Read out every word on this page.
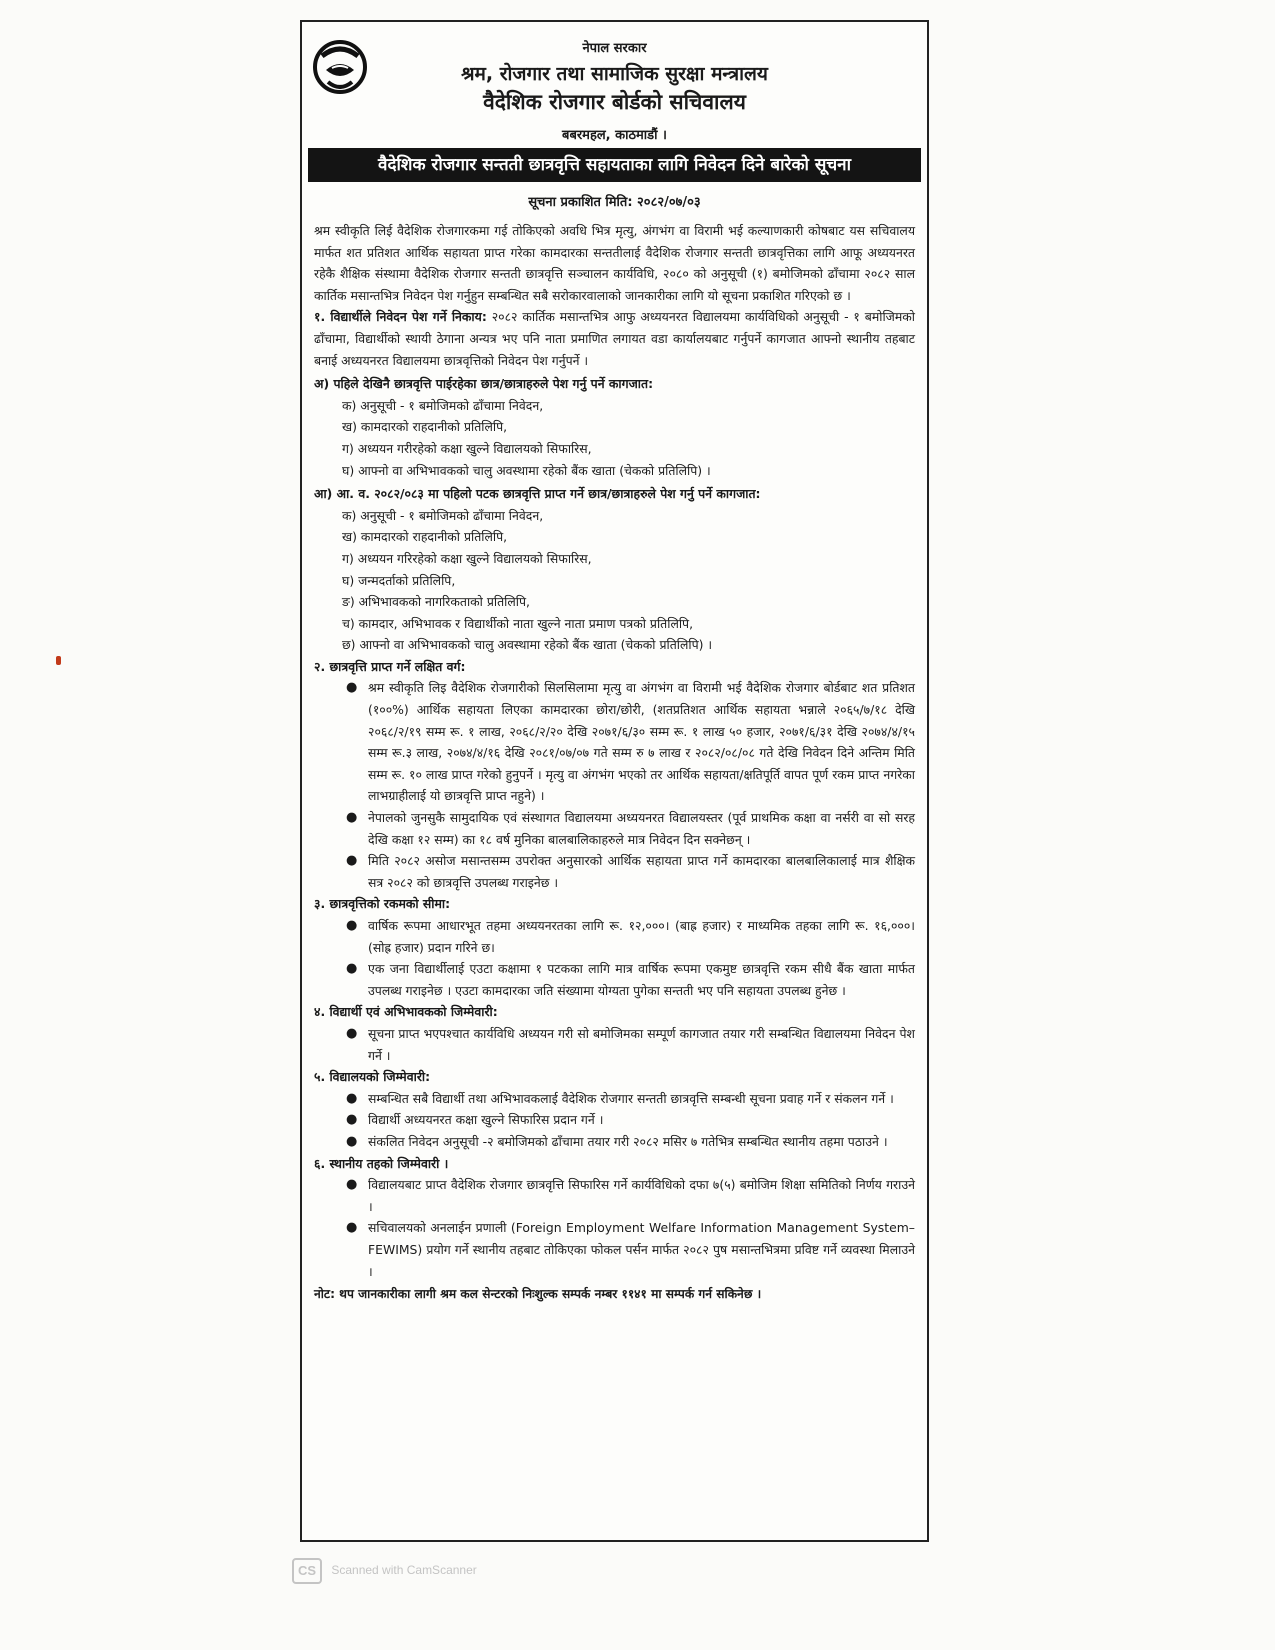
नेपाल सरकार
श्रम, रोजगार तथा सामाजिक सुरक्षा मन्त्रालय
वैदेशिक रोजगार बोर्डको सचिवालय
बबरमहल, काठमाडौं ।
वैदेशिक रोजगार सन्तती छात्रवृत्ति सहायताका लागि निवेदन दिने बारेको सूचना
सूचना प्रकाशित मिति: २०८२/०७/०३

श्रम स्वीकृति लिई वैदेशिक रोजगारकमा गई तोकिएको अवधि भित्र मृत्यु, अंगभंग वा विरामी भई कल्याणकारी कोषबाट यस सचिवालय मार्फत शत प्रतिशत आर्थिक सहायता प्राप्त गरेका कामदारका सन्ततीलाई वैदेशिक रोजगार सन्तती छात्रवृत्तिका लागि आफू अध्ययनरत रहेकै शैक्षिक संस्थामा वैदेशिक रोजगार सन्तती छात्रवृत्ति सञ्चालन कार्यविधि, २०८० को अनुसूची (१) बमोजिमको ढाँचामा २०८२ साल कार्तिक मसान्तभित्र निवेदन पेश गर्नुहुन सम्बन्धित सबै सरोकारवालाको जानकारीका लागि यो सूचना प्रकाशित गरिएको छ ।

१. विद्यार्थीले निवेदन पेश गर्ने निकाय: २०८२ कार्तिक मसान्तभित्र आफु अध्ययनरत विद्यालयमा कार्यविधिको अनुसूची - १ बमोजिमको ढाँचामा, विद्यार्थीको स्थायी ठेगाना अन्यत्र भए पनि नाता प्रमाणित लगायत वडा कार्यालयबाट गर्नुपर्ने कागजात आफ्नो स्थानीय तहबाट बनाई अध्ययनरत विद्यालयमा छात्रवृत्तिको निवेदन पेश गर्नुपर्ने ।

अ) पहिले देखिनै छात्रवृत्ति पाईरहेका छात्र/छात्राहरुले पेश गर्नु पर्ने कागजात:
क) अनुसूची - १ बमोजिमको ढाँचामा निवेदन,
ख) कामदारको राहदानीको प्रतिलिपि,
ग) अध्ययन गरीरहेको कक्षा खुल्ने विद्यालयको सिफारिस,
घ) आफ्नो वा अभिभावकको चालु अवस्थामा रहेको बैंक खाता (चेकको प्रतिलिपि) ।
आ) आ. व. २०८२/०८३ मा पहिलो पटक छात्रवृत्ति प्राप्त गर्ने छात्र/छात्राहरुले पेश गर्नु पर्ने कागजात:
क) अनुसूची - १ बमोजिमको ढाँचामा निवेदन,
ख) कामदारको राहदानीको प्रतिलिपि,
ग) अध्ययन गरिरहेको कक्षा खुल्ने विद्यालयको सिफारिस,
घ) जन्मदर्ताको प्रतिलिपि,
ङ) अभिभावकको नागरिकताको प्रतिलिपि,
च) कामदार, अभिभावक र विद्यार्थीको नाता खुल्ने नाता प्रमाण पत्रको प्रतिलिपि,
छ) आफ्नो वा अभिभावकको चालु अवस्थामा रहेको बैंक खाता (चेकको प्रतिलिपि) ।
२. छात्रवृत्ति प्राप्त गर्ने लक्षित वर्ग:
● श्रम स्वीकृति लिइ वैदेशिक रोजगारीको सिलसिलामा मृत्यु वा अंगभंग वा विरामी भई वैदेशिक रोजगार बोर्डबाट शत प्रतिशत (१००%) आर्थिक सहायता लिएका कामदारका छोरा/छोरी, (शतप्रतिशत आर्थिक सहायता भन्नाले २०६५/७/१८ देखि २०६८/२/१९ सम्म रू. १ लाख, २०६८/२/२० देखि २०७१/६/३० सम्म रू. १ लाख ५० हजार, २०७१/६/३१ देखि २०७४/४/१५ सम्म रू.३ लाख, २०७४/४/१६ देखि २०८१/०७/०७ गते सम्म रु ७ लाख र २०८२/०८/०८ गते देखि निवेदन दिने अन्तिम मिति सम्म रू. १० लाख प्राप्त गरेको हुनुपर्ने । मृत्यु वा अंगभंग भएको तर आर्थिक सहायता/क्षतिपूर्ति वापत पूर्ण रकम प्राप्त नगरेका लाभग्राहीलाई यो छात्रवृत्ति प्राप्त नहुने) ।
● नेपालको जुनसुकै सामुदायिक एवं संस्थागत विद्यालयमा अध्ययनरत विद्यालयस्तर (पूर्व प्राथमिक कक्षा वा नर्सरी वा सो सरह देखि कक्षा १२ सम्म) का १८ वर्ष मुनिका बालबालिकाहरुले मात्र निवेदन दिन सक्नेछन् ।
● मिति २०८२ असोज मसान्तसम्म उपरोक्त अनुसारको आर्थिक सहायता प्राप्त गर्ने कामदारका बालबालिकालाई मात्र शैक्षिक सत्र २०८२ को छात्रवृत्ति उपलब्ध गराइनेछ ।
३. छात्रवृत्तिको रकमको सीमा:
● वार्षिक रूपमा आधारभूत तहमा अध्ययनरतका लागि रू. १२,०००। (बाह्र हजार) र माध्यमिक तहका लागि रू. १६,०००। (सोह्र हजार) प्रदान गरिने छ।
● एक जना विद्यार्थीलाई एउटा कक्षामा १ पटकका लागि मात्र वार्षिक रूपमा एकमुष्ट छात्रवृत्ति रकम सीधै बैंक खाता मार्फत उपलब्ध गराइनेछ । एउटा कामदारका जति संख्यामा योग्यता पुगेका सन्तती भए पनि सहायता उपलब्ध हुनेछ ।
४. विद्यार्थी एवं अभिभावकको जिम्मेवारी:
● सूचना प्राप्त भएपश्चात कार्यविधि अध्ययन गरी सो बमोजिमका सम्पूर्ण कागजात तयार गरी सम्बन्धित विद्यालयमा निवेदन पेश गर्ने ।
५. विद्यालयको जिम्मेवारी:
● सम्बन्धित सबै विद्यार्थी तथा अभिभावकलाई वैदेशिक रोजगार सन्तती छात्रवृत्ति सम्बन्धी सूचना प्रवाह गर्ने र संकलन गर्ने ।
● विद्यार्थी अध्ययनरत कक्षा खुल्ने सिफारिस प्रदान गर्ने ।
● संकलित निवेदन अनुसूची -२ बमोजिमको ढाँचामा तयार गरी २०८२ मसिर ७ गतेभित्र सम्बन्धित स्थानीय तहमा पठाउने ।
६. स्थानीय तहको जिम्मेवारी ।
● विद्यालयबाट प्राप्त वैदेशिक रोजगार छात्रवृत्ति सिफारिस गर्ने कार्यविधिको दफा ७(५) बमोजिम शिक्षा समितिको निर्णय गराउने ।
● सचिवालयको अनलाईन प्रणाली (Foreign Employment Welfare Information Management System–FEWIMS) प्रयोग गर्ने स्थानीय तहबाट तोकिएका फोकल पर्सन मार्फत २०८२ पुष मसान्तभित्रमा प्रविष्ट गर्ने व्यवस्था मिलाउने ।
नोट: थप जानकारीका लागी श्रम कल सेन्टरको निःशुल्क सम्पर्क नम्बर ११४१ मा सम्पर्क गर्न सकिनेछ ।
CS Scanned with CamScanner
